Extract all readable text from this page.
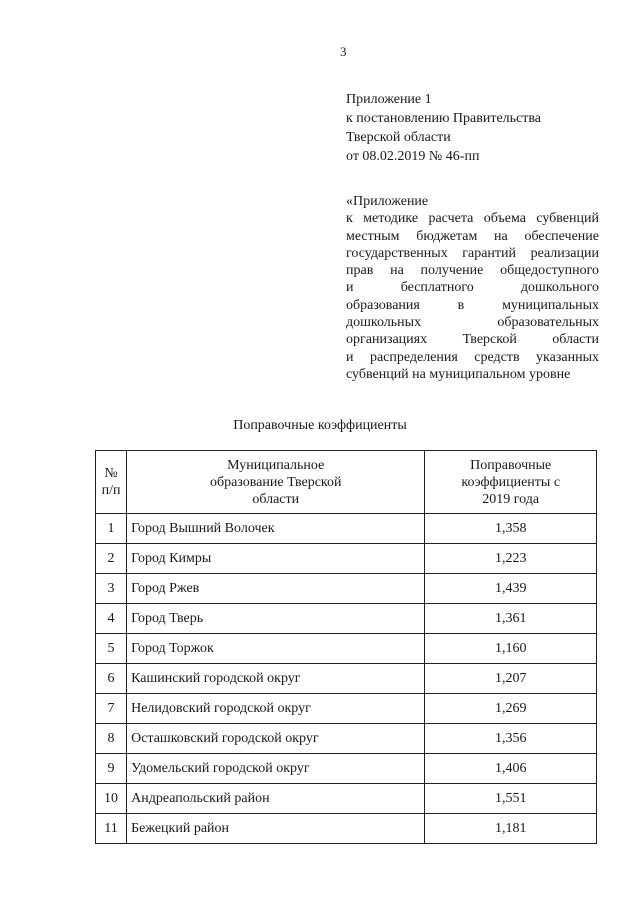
3
Приложение 1
к постановлению Правительства
Тверской области
от 08.02.2019 № 46-пп
«Приложение
к методике расчета объема субвенций
местным бюджетам на обеспечение
государственных гарантий реализации
прав на получение общедоступного
и бесплатного дошкольного
образования в муниципальных
дошкольных образовательных
организациях Тверской области
и распределения средств указанных
субвенций на муниципальном уровне
Поправочные коэффициенты
№ п/п	Муниципальное образование Тверской области	Поправочные коэффициенты с 2019 года
1	Город Вышний Волочек	1,358
2	Город Кимры	1,223
3	Город Ржев	1,439
4	Город Тверь	1,361
5	Город Торжок	1,160
6	Кашинский городской округ	1,207
7	Нелидовский городской округ	1,269
8	Осташковский городской округ	1,356
9	Удомельский городской округ	1,406
10	Андреапольский район	1,551
11	Бежецкий район	1,181
